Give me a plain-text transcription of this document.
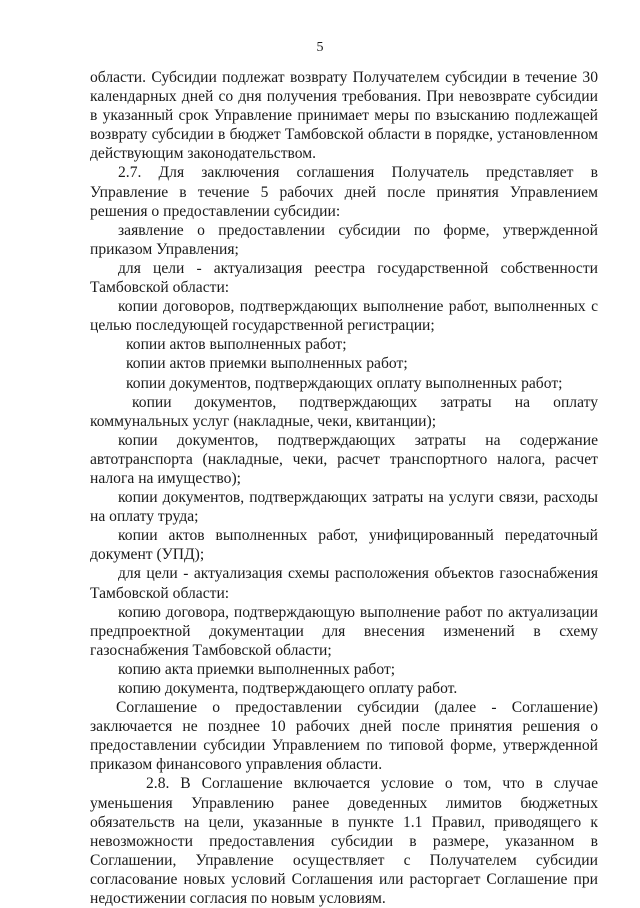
5

области. Субсидии подлежат возврату Получателем субсидии в течение 30 календарных дней со дня получения требования. При невозврате субсидии в указанный срок Управление принимает меры по взысканию подлежащей возврату субсидии в бюджет Тамбовской области в порядке, установленном действующим законодательством.

2.7. Для заключения соглашения Получатель представляет в Управление в течение 5 рабочих дней после принятия Управлением решения о предоставлении субсидии:

заявление о предоставлении субсидии по форме, утвержденной приказом Управления;

для цели - актуализация реестра государственной собственности Тамбовской области:

копии договоров, подтверждающих выполнение работ, выполненных с целью последующей государственной регистрации;

копии актов выполненных работ;

копии актов приемки выполненных работ;

копии документов, подтверждающих оплату выполненных работ;

копии документов, подтверждающих затраты на оплату коммунальных услуг (накладные, чеки, квитанции);

копии документов, подтверждающих затраты на содержание автотранспорта (накладные, чеки, расчет транспортного налога, расчет налога на имущество);

копии документов, подтверждающих затраты на услуги связи, расходы на оплату труда;

копии актов выполненных работ, унифицированный передаточный документ (УПД);

для цели - актуализация схемы расположения объектов газоснабжения Тамбовской области:

копию договора, подтверждающую выполнение работ по актуализации предпроектной документации для внесения изменений в схему газоснабжения Тамбовской области;

копию акта приемки выполненных работ;

копию документа, подтверждающего оплату работ.

Соглашение о предоставлении субсидии (далее - Соглашение) заключается не позднее 10 рабочих дней после принятия решения о предоставлении субсидии Управлением по типовой форме, утвержденной приказом финансового управления области.

2.8. В Соглашение включается условие о том, что в случае уменьшения Управлению ранее доведенных лимитов бюджетных обязательств на цели, указанные в пункте 1.1 Правил, приводящего к невозможности предоставления субсидии в размере, указанном в Соглашении, Управление осуществляет с Получателем субсидии согласование новых условий Соглашения или расторгает Соглашение при недостижении согласия по новым условиям.
